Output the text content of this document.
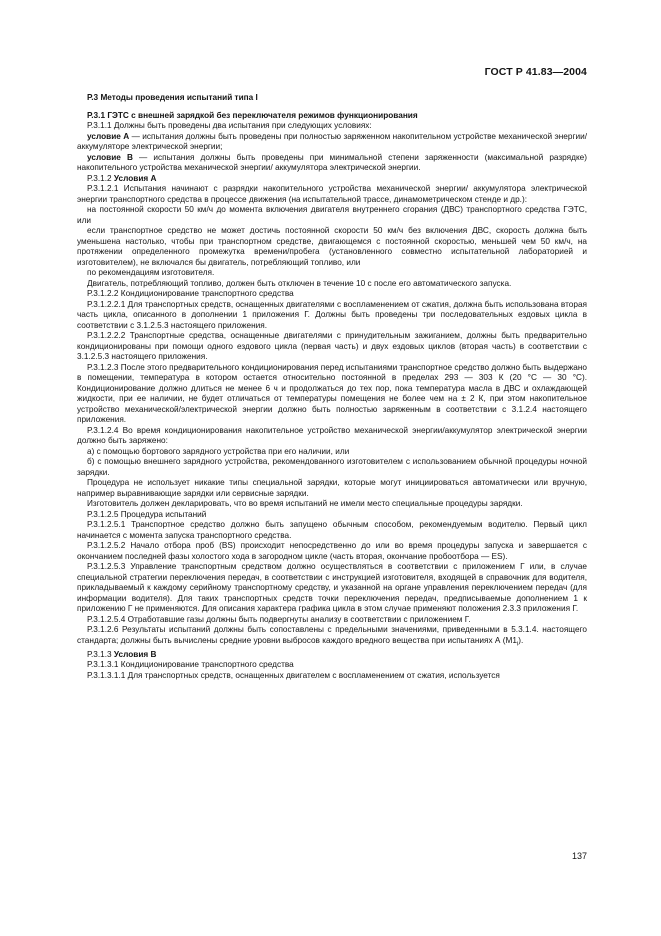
ГОСТ Р 41.83—2004

Р.3 Методы проведения испытаний типа I

Р.3.1 ГЭТС с внешней зарядкой без переключателя режимов функционирования

Р.3.1.1 Должны быть проведены два испытания при следующих условиях:

условие А — испытания должны быть проведены при полностью заряженном накопительном устройстве механической энергии/аккумуляторе электрической энергии;

условие В — испытания должны быть проведены при минимальной степени заряженности (максимальной разрядке) накопительного устройства механической энергии/ аккумулятора электрической энергии.

Р.3.1.2 Условия А

Р.3.1.2.1 Испытания начинают с разрядки накопительного устройства механической энергии/ аккумулятора электрической энергии транспортного средства в процессе движения (на испытательной трассе, динамометрическом стенде и др.):

на постоянной скорости 50 км/ч до момента включения двигателя внутреннего сгорания (ДВС) транспортного средства ГЭТС, или

если транспортное средство не может достичь постоянной скорости 50 км/ч без включения ДВС, скорость должна быть уменьшена настолько, чтобы при транспортном средстве, двигающемся с постоянной скоростью, меньшей чем 50 км/ч, на протяжении определенного промежутка времени/пробега (установленного совместно испытательной лабораторией и изготовителем), не включался бы двигатель, потребляющий топливо, или

по рекомендациям изготовителя.

Двигатель, потребляющий топливо, должен быть отключен в течение 10 с после его автоматического запуска.

Р.3.1.2.2 Кондиционирование транспортного средства

Р.3.1.2.2.1 Для транспортных средств, оснащенных двигателями с воспламенением от сжатия, должна быть использована вторая часть цикла, описанного в дополнении 1 приложения Г. Должны быть проведены три последовательных ездовых цикла в соответствии с 3.1.2.5.3 настоящего приложения.

Р.3.1.2.2.2 Транспортные средства, оснащенные двигателями с принудительным зажиганием, должны быть предварительно кондиционированы при помощи одного ездового цикла (первая часть) и двух ездовых циклов (вторая часть) в соответствии с 3.1.2.5.3 настоящего приложения.

Р.3.1.2.3 После этого предварительного кондиционирования перед испытаниями транспортное средство должно быть выдержано в помещении, температура в котором остается относительно постоянной в пределах 293 — 303 К (20 °С — 30 °С). Кондиционирование должно длиться не менее 6 ч и продолжаться до тех пор, пока температура масла в ДВС и охлаждающей жидкости, при ее наличии, не будет отличаться от температуры помещения не более чем на ± 2 К, при этом накопительное устройство механической/электрической энергии должно быть полностью заряженным в соответствии с 3.1.2.4 настоящего приложения.

Р.3.1.2.4 Во время кондиционирования накопительное устройство механической энергии/аккумулятор электрической энергии должно быть заряжено:

а) с помощью бортового зарядного устройства при его наличии, или

б) с помощью внешнего зарядного устройства, рекомендованного изготовителем с использованием обычной процедуры ночной зарядки.

Процедура не использует никакие типы специальной зарядки, которые могут инициироваться автоматически или вручную, например выравнивающие зарядки или сервисные зарядки.

Изготовитель должен декларировать, что во время испытаний не имели место специальные процедуры зарядки.

Р.3.1.2.5 Процедура испытаний

Р.3.1.2.5.1 Транспортное средство должно быть запущено обычным способом, рекомендуемым водителю. Первый цикл начинается с момента запуска транспортного средства.

Р.3.1.2.5.2 Начало отбора проб (BS) происходит непосредственно до или во время процедуры запуска и завершается с окончанием последней фазы холостого хода в загородном цикле (часть вторая, окончание пробоотбора — ES).

Р.3.1.2.5.3 Управление транспортным средством должно осуществляться в соответствии с приложением Г или, в случае специальной стратегии переключения передач, в соответствии с инструкцией изготовителя, входящей в справочник для водителя, прикладываемый к каждому серийному транспортному средству, и указанной на органе управления переключением передач (для информации водителя). Для таких транспортных средств точки переключения передач, предписываемые дополнением 1 к приложению Г не применяются. Для описания характера графика цикла в этом случае применяют положения 2.3.3 приложения Г.

Р.3.1.2.5.4 Отработавшие газы должны быть подвергнуты анализу в соответствии с приложением Г.

Р.3.1.2.6 Результаты испытаний должны быть сопоставлены с предельными значениями, приведенными в 5.3.1.4. настоящего стандарта; должны быть вычислены средние уровни выбросов каждого вредного вещества при испытаниях А $(М1_i)$.

Р.3.1.3 Условия В

Р.3.1.3.1 Кондиционирование транспортного средства

Р.3.1.3.1.1 Для транспортных средств, оснащенных двигателем с воспламенением от сжатия, используется

137
